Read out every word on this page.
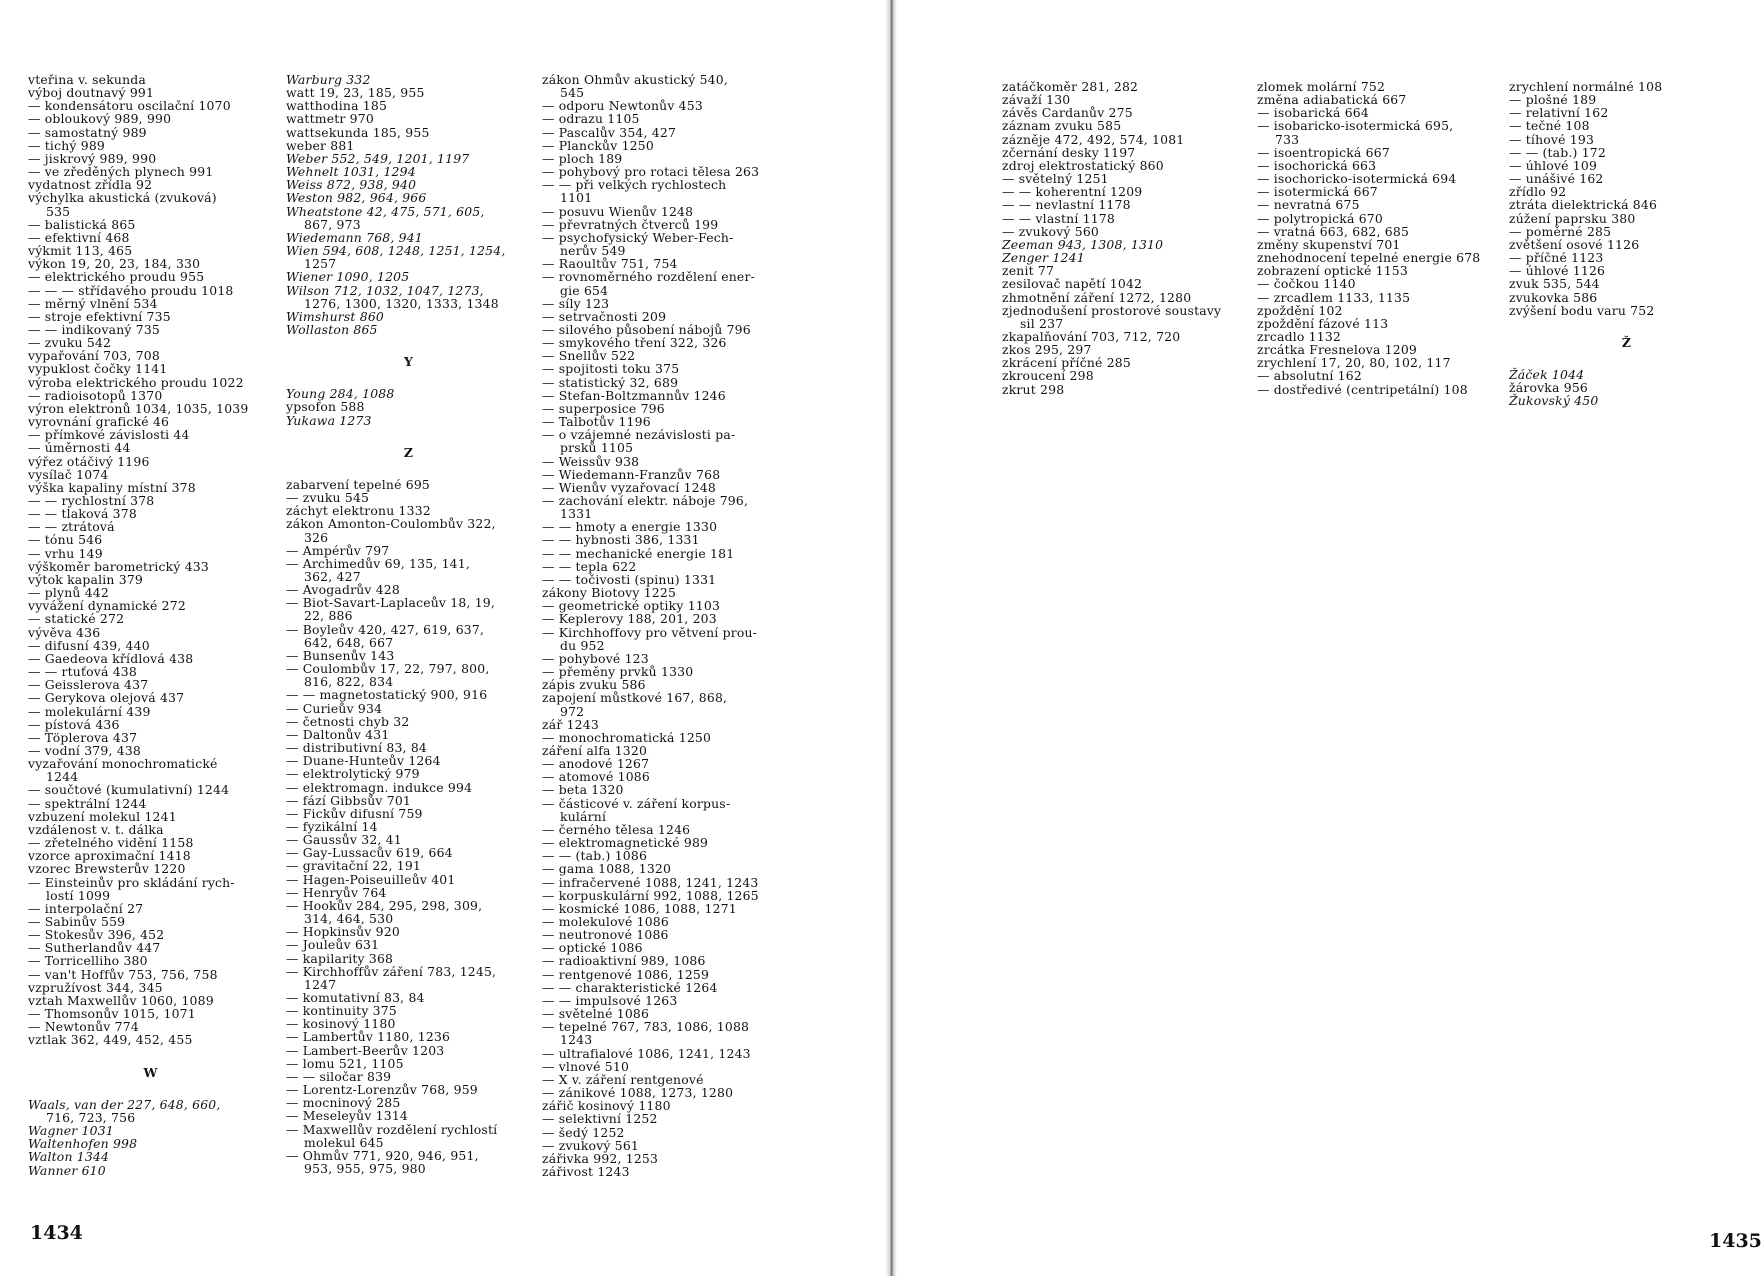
vteřina v. sekunda
výboj doutnavý 991
— kondensátoru oscilační 1070
— obloukový 989, 990
— samostatný 989
— tichý 989
— jiskrový 989, 990
— ve zředěných plynech 991
vydatnost zřídla 92
výchylka akustická (zvuková)
535
— balistická 865
— efektivní 468
výkmit 113, 465
výkon 19, 20, 23, 184, 330
— elektrického proudu 955
— — — střídavého proudu 1018
— měrný vlnění 534
— stroje efektivní 735
— — indikovaný 735
— zvuku 542
vypařování 703, 708
vypuklost čočky 1141
výroba elektrického proudu 1022
— radioisotopů 1370
výron elektronů 1034, 1035, 1039
vyrovnání grafické 46
— přímkové závislosti 44
— úměrnosti 44
výřez otáčivý 1196
vysílač 1074
výška kapaliny místní 378
— — rychlostní 378
— — tlaková 378
— — ztrátová
— tónu 546
— vrhu 149
výškoměr barometrický 433
výtok kapalin 379
— plynů 442
vyvážení dynamické 272
— statické 272
vývěva 436
— difusní 439, 440
— Gaedeova křídlová 438
— — rtuťová 438
— Geisslerova 437
— Gerykova olejová 437
— molekulární 439
— pístová 436
— Töplerova 437
— vodní 379, 438
vyzařování monochromatické
1244
— součtové (kumulativní) 1244
— spektrální 1244
vzbuzení molekul 1241
vzdálenost v. t. dálka
— zřetelného vidění 1158
vzorce aproximační 1418
vzorec Brewsterův 1220
— Einsteinův pro skládání rych-
lostí 1099
— interpolační 27
— Sabinův 559
— Stokesův 396, 452
— Sutherlandův 447
— Torricelliho 380
— van't Hoffův 753, 756, 758
vzpružívost 344, 345
vztah Maxwellův 1060, 1089
— Thomsonův 1015, 1071
— Newtonův 774
vztlak 362, 449, 452, 455
W
Waals, van der 227, 648, 660,
716, 723, 756
Wagner 1031
Waltenhofen 998
Walton 1344
Wanner 610
Warburg 332
watt 19, 23, 185, 955
watthodina 185
wattmetr 970
wattsekunda 185, 955
weber 881
Weber 552, 549, 1201, 1197
Wehnelt 1031, 1294
Weiss 872, 938, 940
Weston 982, 964, 966
Wheatstone 42, 475, 571, 605,
867, 973
Wiedemann 768, 941
Wien 594, 608, 1248, 1251, 1254,
1257
Wiener 1090, 1205
Wilson 712, 1032, 1047, 1273,
1276, 1300, 1320, 1333, 1348
Wimshurst 860
Wollaston 865
Y
Young 284, 1088
ypsofon 588
Yukawa 1273
Z
zabarvení tepelné 695
— zvuku 545
záchyt elektronu 1332
zákon Amonton-Coulombův 322,
326
— Ampérův 797
— Archimedův 69, 135, 141,
362, 427
— Avogadrův 428
— Biot-Savart-Laplaceův 18, 19,
22, 886
— Boyleův 420, 427, 619, 637,
642, 648, 667
— Bunsenův 143
— Coulombův 17, 22, 797, 800,
816, 822, 834
— — magnetostatický 900, 916
— Curieův 934
— četnosti chyb 32
— Daltonův 431
— distributivní 83, 84
— Duane-Hunteův 1264
— elektrolytický 979
— elektromagn. indukce 994
— fází Gibbsův 701
— Fickův difusní 759
— fyzikální 14
— Gaussův 32, 41
— Gay-Lussacův 619, 664
— gravitační 22, 191
— Hagen-Poiseuilleův 401
— Henryův 764
— Hookův 284, 295, 298, 309,
314, 464, 530
— Hopkinsův 920
— Jouleův 631
— kapilarity 368
— Kirchhoffův záření 783, 1245,
1247
— komutativní 83, 84
— kontinuity 375
— kosinový 1180
— Lambertův 1180, 1236
— Lambert-Beerův 1203
— lomu 521, 1105
— — siločar 839
— Lorentz-Lorenzův 768, 959
— mocninový 285
— Meseleyův 1314
— Maxwellův rozdělení rychlostí
molekul 645
— Ohmův 771, 920, 946, 951,
953, 955, 975, 980
zákon Ohmův akustický 540,
545
— odporu Newtonův 453
— odrazu 1105
— Pascalův 354, 427
— Planckův 1250
— ploch 189
— pohybový pro rotaci tělesa 263
— — při velkých rychlostech
1101
— posuvu Wienův 1248
— převratných čtverců 199
— psychofysický Weber-Fech-
nerův 549
— Raoultův 751, 754
— rovnoměrného rozdělení ener-
gie 654
— síly 123
— setrvačnosti 209
— silového působení nábojů 796
— smykového tření 322, 326
— Snellův 522
— spojitosti toku 375
— statistický 32, 689
— Stefan-Boltzmannův 1246
— superposice 796
— Talbotův 1196
— o vzájemné nezávislosti pa-
prsků 1105
— Weissův 938
— Wiedemann-Franzův 768
— Wienův vyzařovací 1248
— zachování elektr. náboje 796,
1331
— — hmoty a energie 1330
— — hybnosti 386, 1331
— — mechanické energie 181
— — tepla 622
— — točivosti (spinu) 1331
zákony Biotovy 1225
— geometrické optiky 1103
— Keplerovy 188, 201, 203
— Kirchhoffovy pro větvení prou-
du 952
— pohybové 123
— přeměny prvků 1330
zápis zvuku 586
zapojení můstkové 167, 868,
972
zář 1243
— monochromatická 1250
záření alfa 1320
— anodové 1267
— atomové 1086
— beta 1320
— částicové v. záření korpus-
kulární
— černého tělesa 1246
— elektromagnetické 989
— — (tab.) 1086
— gama 1088, 1320
— infračervené 1088, 1241, 1243
— korpuskulární 992, 1088, 1265
— kosmické 1086, 1088, 1271
— molekulové 1086
— neutronové 1086
— optické 1086
— radioaktivní 989, 1086
— rentgenové 1086, 1259
— — charakteristické 1264
— — impulsové 1263
— světelné 1086
— tepelné 767, 783, 1086, 1088
1243
— ultrafialové 1086, 1241, 1243
— vlnové 510
— X v. záření rentgenové
— zánikové 1088, 1273, 1280
zářič kosinový 1180
— selektivní 1252
— šedý 1252
— zvukový 561
zářivka 992, 1253
zářivost 1243
1434
zatáčkoměr 281, 282
závaží 130
závěs Cardanův 275
záznam zvuku 585
zázněje 472, 492, 574, 1081
zčernání desky 1197
zdroj elektrostatický 860
— světelný 1251
— — koherentní 1209
— — nevlastní 1178
— — vlastní 1178
— zvukový 560
Zeeman 943, 1308, 1310
Zenger 1241
zenit 77
zesilovač napětí 1042
zhmotnění záření 1272, 1280
zjednodušení prostorové soustavy
sil 237
zkapalňování 703, 712, 720
zkos 295, 297
zkrácení příčné 285
zkroucení 298
zkrut 298
zlomek molární 752
změna adiabatická 667
— isobarická 664
— isobaricko-isotermická 695,
733
— isoentropická 667
— isochorická 663
— isochoricko-isotermická 694
— isotermická 667
— nevratná 675
— polytropická 670
— vratná 663, 682, 685
změny skupenství 701
znehodnocení tepelné energie 678
zobrazení optické 1153
— čočkou 1140
— zrcadlem 1133, 1135
zpoždění 102
zpoždění fázové 113
zrcadlo 1132
zrcátka Fresnelova 1209
zrychlení 17, 20, 80, 102, 117
— absolutní 162
— dostředivé (centripetální) 108
zrychlení normálné 108
— plošné 189
— relativní 162
— tečné 108
— tíhové 193
— — (tab.) 172
— úhlové 109
— unášivé 162
zřídlo 92
ztráta dielektrická 846
zúžení paprsku 380
— poměrné 285
zvětšení osové 1126
— příčné 1123
— úhlové 1126
zvuk 535, 544
zvukovka 586
zvýšení bodu varu 752
Ž
Žáček 1044
žárovka 956
Žukovský 450
1435
